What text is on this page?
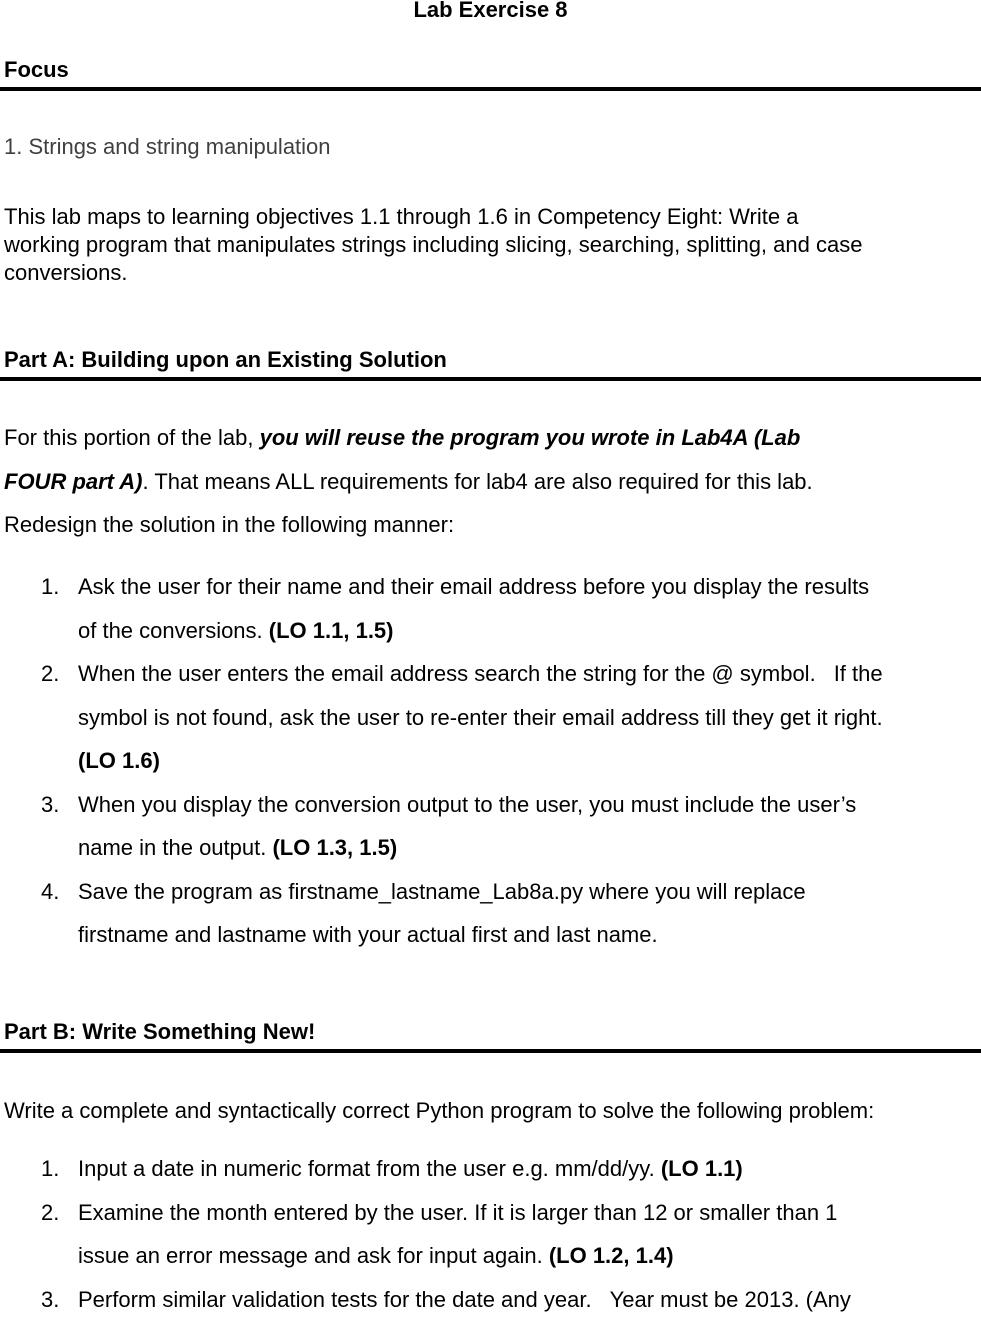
Lab Exercise 8
Focus
1. Strings and string manipulation
This lab maps to learning objectives 1.1 through 1.6 in Competency Eight: Write a
working program that manipulates strings including slicing, searching, splitting, and case
conversions.
Part A: Building upon an Existing Solution
For this portion of the lab, you will reuse the program you wrote in Lab4A (Lab
FOUR part A). That means ALL requirements for lab4 are also required for this lab.
Redesign the solution in the following manner:
1. Ask the user for their name and their email address before you display the results
of the conversions. (LO 1.1, 1.5)
2. When the user enters the email address search the string for the @ symbol. If the
symbol is not found, ask the user to re-enter their email address till they get it right.
(LO 1.6)
3. When you display the conversion output to the user, you must include the user’s
name in the output. (LO 1.3, 1.5)
4. Save the program as firstname_lastname_Lab8a.py where you will replace
firstname and lastname with your actual first and last name.
Part B: Write Something New!
Write a complete and syntactically correct Python program to solve the following problem:
1. Input a date in numeric format from the user e.g. mm/dd/yy. (LO 1.1)
2. Examine the month entered by the user. If it is larger than 12 or smaller than 1
issue an error message and ask for input again. (LO 1.2, 1.4)
3. Perform similar validation tests for the date and year. Year must be 2013. (Any
